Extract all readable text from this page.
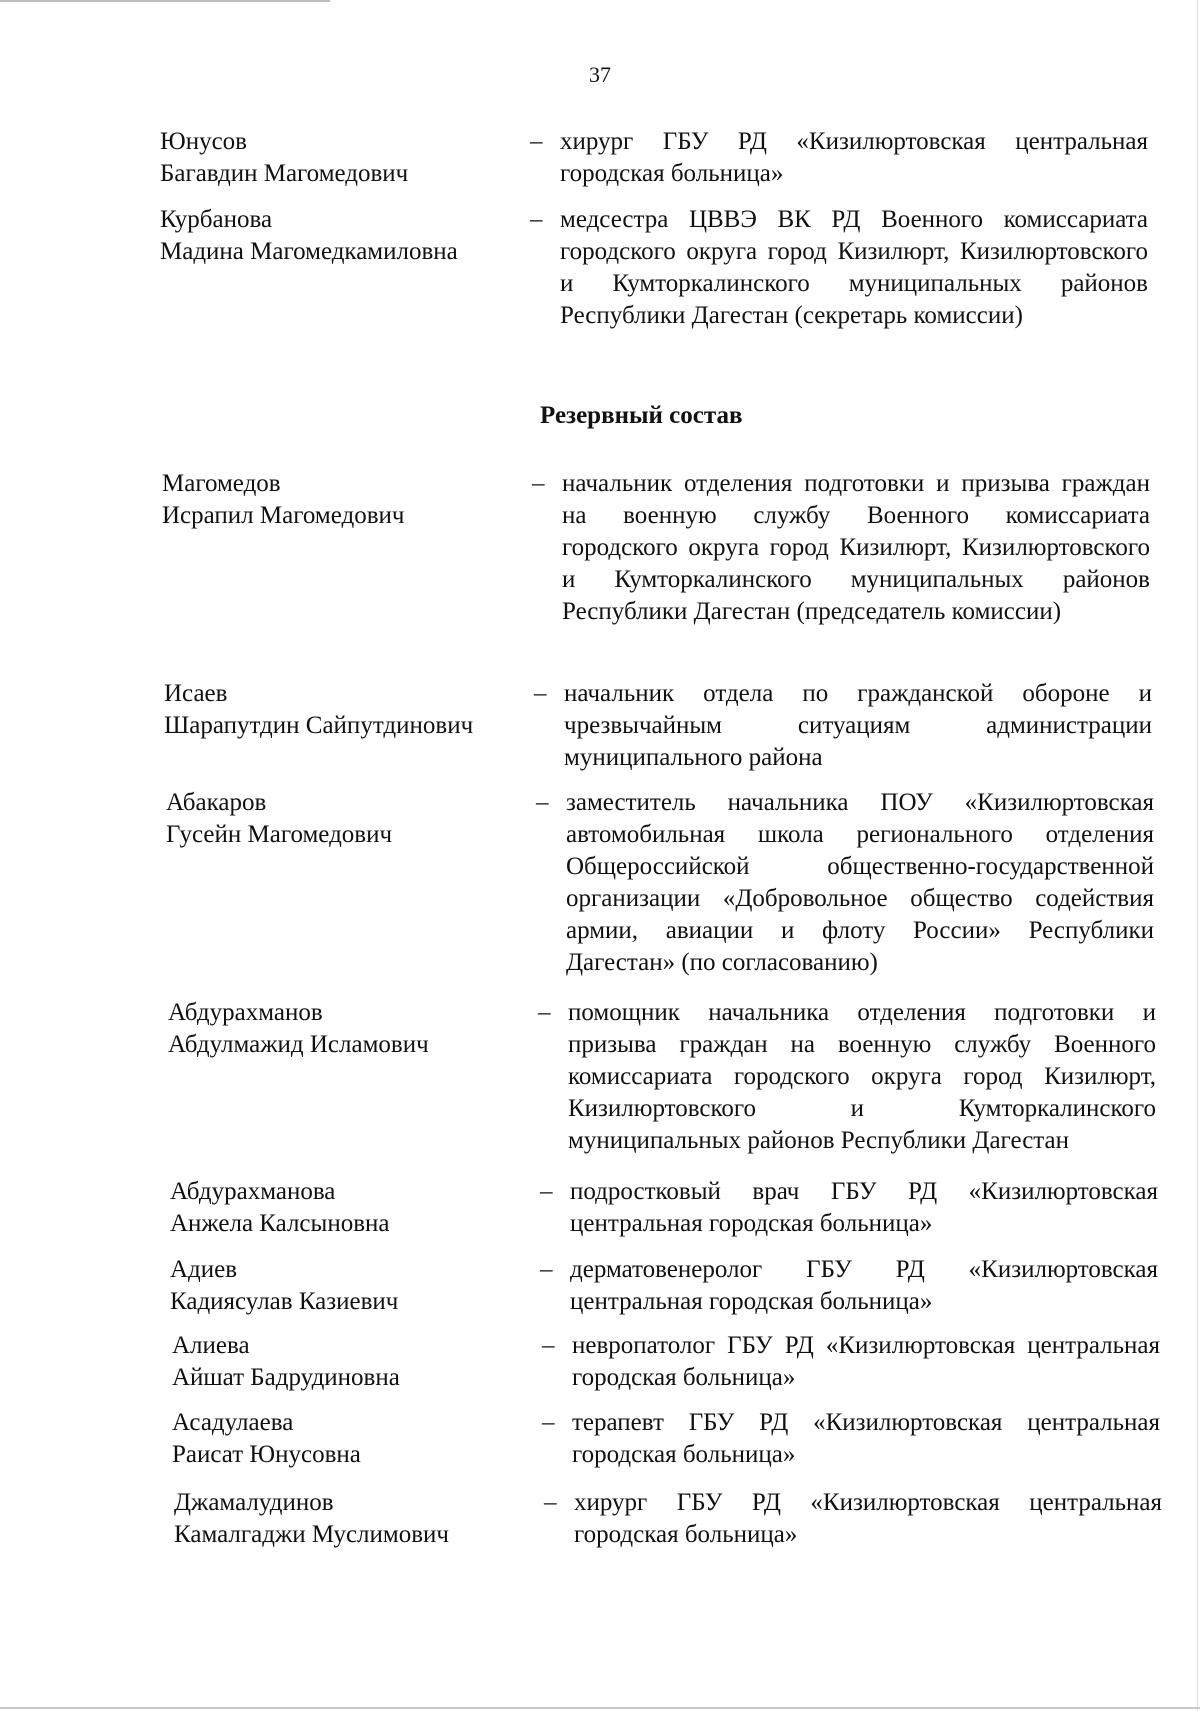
37
Юнусов
Багавдин Магомедович
– хирург ГБУ РД «Кизилюртовская центральная городская больница»
Курбанова
Мадина Магомедкамиловна
– медсестра ЦВВЭ ВК РД Военного комиссариата городского округа город Кизилюрт, Кизилюртовского и Кумторкалинского муниципальных районов Республики Дагестан (секретарь комиссии)
Резервный состав
Магомедов
Исрапил Магомедович
– начальник отделения подготовки и призыва граждан на военную службу Военного комиссариата городского округа город Кизилюрт, Кизилюртовского и Кумторкалинского муниципальных районов Республики Дагестан (председатель комиссии)
Исаев
Шарапутдин Сайпутдинович
– начальник отдела по гражданской обороне и чрезвычайным ситуациям администрации муниципального района
Абакаров
Гусейн Магомедович
– заместитель начальника ПОУ «Кизилюртовская автомобильная школа регионального отделения Общероссийской общественно-государственной организации «Добровольное общество содействия армии, авиации и флоту России» Республики Дагестан» (по согласованию)
Абдурахманов
Абдулмажид Исламович
– помощник начальника отделения подготовки и призыва граждан на военную службу Военного комиссариата городского округа город Кизилюрт, Кизилюртовского и Кумторкалинского муниципальных районов Республики Дагестан
Абдурахманова
Анжела Калсыновна
– подростковый врач ГБУ РД «Кизилюртовская центральная городская больница»
Адиев
Кадиясулав Казиевич
– дерматовенеролог ГБУ РД «Кизилюртовская центральная городская больница»
Алиева
Айшат Бадрудиновна
– невропатолог ГБУ РД «Кизилюртовская центральная городская больница»
Асадулаева
Раисат Юнусовна
– терапевт ГБУ РД «Кизилюртовская центральная городская больница»
Джамалудинов
Камалгаджи Муслимович
– хирург ГБУ РД «Кизилюртовская центральная городская больница»
